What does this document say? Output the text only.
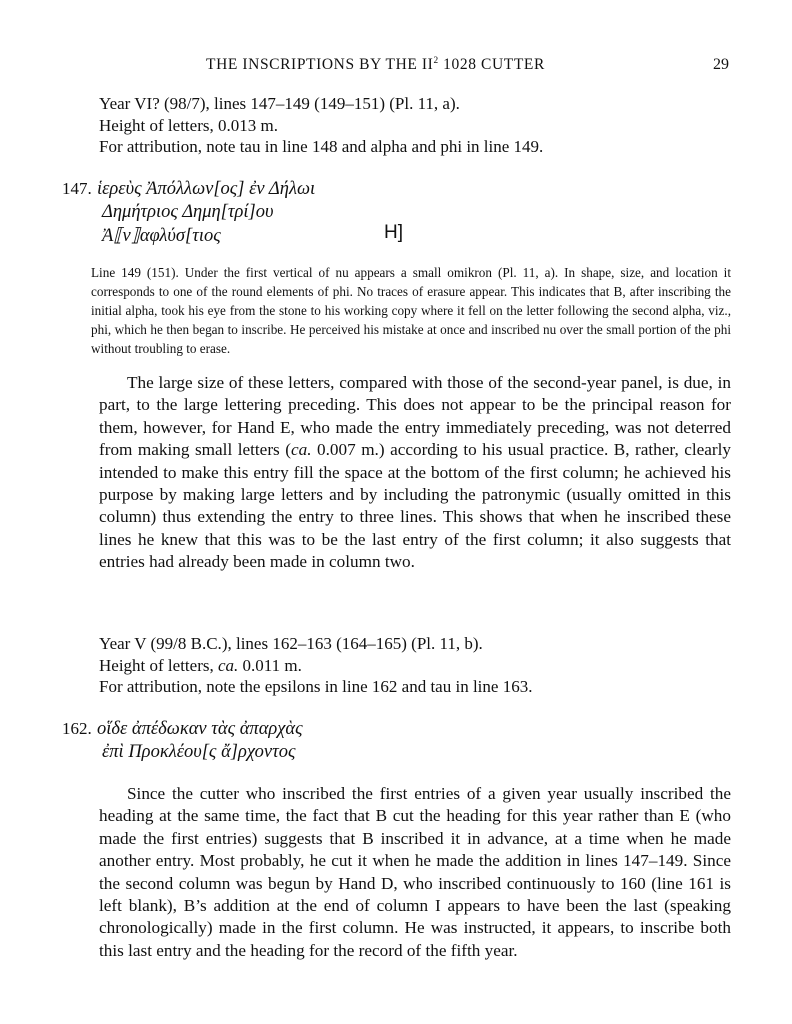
THE INSCRIPTIONS BY THE $II^2$ 1028 CUTTER	29
Year VI? (98/7), lines 147–149 (149–151) (Pl. 11, a).
Height of letters, 0.013 m.
For attribution, note tau in line 148 and alpha and phi in line 149.
147. ἱερεὺς Ἀπόλλων[ος] ἐν Δήλωι
Δημήτριος Δημη[τρί]ου
Ἀ⟦ν⟧αφλύσ[τιος	H]

Line 149 (151). Under the first vertical of nu appears a small omikron (Pl. 11, a). In shape, size, and location it corresponds to one of the round elements of phi. No traces of erasure appear. This indicates that B, after inscribing the initial alpha, took his eye from the stone to his working copy where it fell on the letter following the second alpha, viz., phi, which he then began to inscribe. He perceived his mistake at once and inscribed nu over the small portion of the phi without troubling to erase.

The large size of these letters, compared with those of the second-year panel, is due, in part, to the large lettering preceding. This does not appear to be the principal reason for them, however, for Hand E, who made the entry immediately preceding, was not deterred from making small letters (ca. 0.007 m.) according to his usual practice. B, rather, clearly intended to make this entry fill the space at the bottom of the first column; he achieved his purpose by making large letters and by including the patronymic (usually omitted in this column) thus extending the entry to three lines. This shows that when he inscribed these lines he knew that this was to be the last entry of the first column; it also suggests that entries had already been made in column two.

Year V (99/8 B.C.), lines 162–163 (164–165) (Pl. 11, b).
Height of letters, ca. 0.011 m.
For attribution, note the epsilons in line 162 and tau in line 163.
162. οἵδε ἀπέδωκαν τὰς ἀπαρχὰς
ἐπὶ Προκλέου[ς ἄ]ρχοντος

Since the cutter who inscribed the first entries of a given year usually inscribed the heading at the same time, the fact that B cut the heading for this year rather than E (who made the first entries) suggests that B inscribed it in advance, at a time when he made another entry. Most probably, he cut it when he made the addition in lines 147–149. Since the second column was begun by Hand D, who inscribed continuously to 160 (line 161 is left blank), B’s addition at the end of column I appears to have been the last (speaking chronologically) made in the first column. He was instructed, it appears, to inscribe both this last entry and the heading for the record of the fifth year.
